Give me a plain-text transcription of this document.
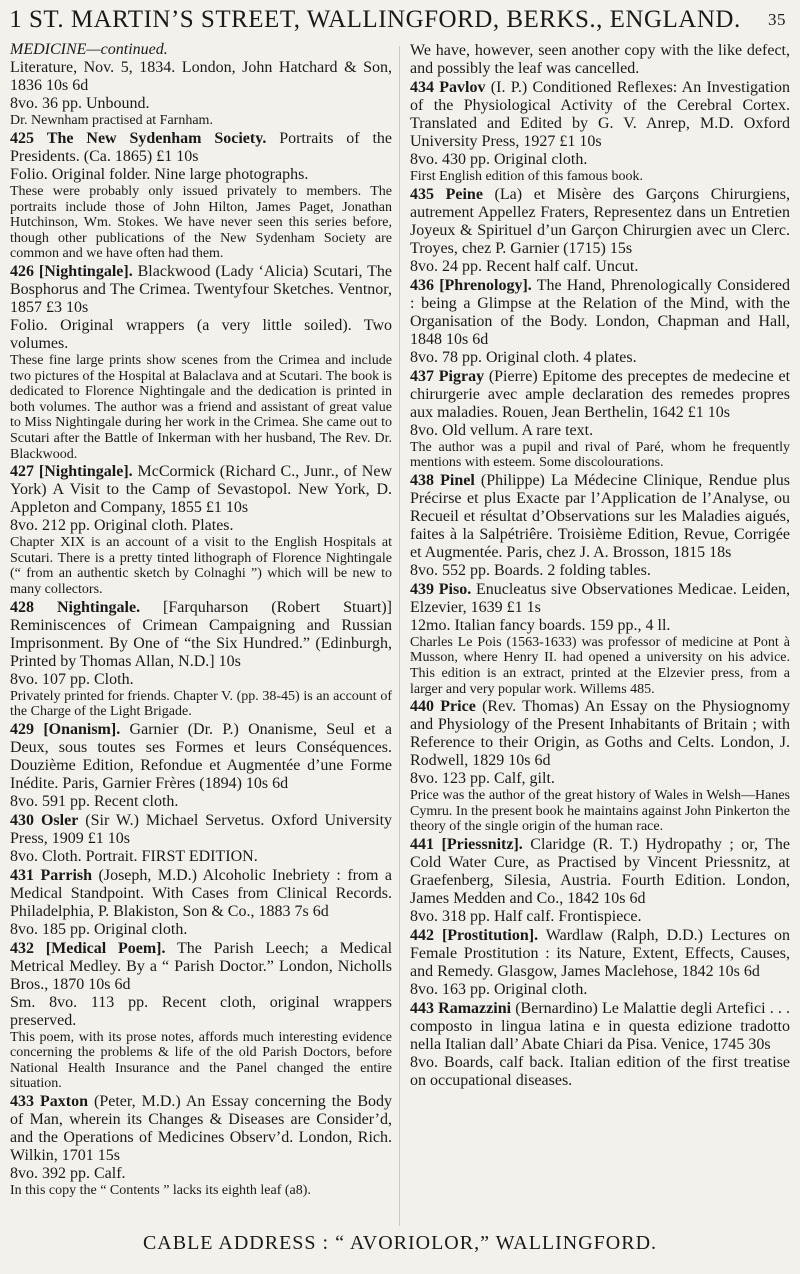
1 ST. MARTIN’S STREET, WALLINGFORD, BERKS., ENGLAND. 35
MEDICINE—continued.
Literature, Nov. 5, 1834. London, John Hatchard & Son, 1836 10s 6d
8vo. 36 pp. Unbound.
Dr. Newnham practised at Farnham.
425 The New Sydenham Society. Portraits of the Presidents. (Ca. 1865) £1 10s
Folio. Original folder. Nine large photographs.
These were probably only issued privately to members. The portraits include those of John Hilton, James Paget, Jonathan Hutchinson, Wm. Stokes. We have never seen this series before, though other publications of the New Sydenham Society are common and we have often had them.
426 [Nightingale]. Blackwood (Lady ‘Alicia) Scutari, The Bosphorus and The Crimea. Twentyfour Sketches. Ventnor, 1857 £3 10s
Folio. Original wrappers (a very little soiled). Two volumes.
These fine large prints show scenes from the Crimea and include two pictures of the Hospital at Balaclava and at Scutari. The book is dedicated to Florence Nightingale and the dedication is printed in both volumes. The author was a friend and assistant of great value to Miss Nightingale during her work in the Crimea. She came out to Scutari after the Battle of Inkerman with her husband, The Rev. Dr. Blackwood.
427 [Nightingale]. McCormick (Richard C., Junr., of New York) A Visit to the Camp of Sevastopol. New York, D. Appleton and Company, 1855 £1 10s
8vo. 212 pp. Original cloth. Plates.
Chapter XIX is an account of a visit to the English Hospitals at Scutari. There is a pretty tinted lithograph of Florence Nightingale (“ from an authentic sketch by Colnaghi ”) which will be new to many collectors.
428 Nightingale. [Farquharson (Robert Stuart)] Reminiscences of Crimean Campaigning and Russian Imprisonment. By One of “the Six Hundred.” (Edinburgh, Printed by Thomas Allan, N.D.] 10s
8vo. 107 pp. Cloth.
Privately printed for friends. Chapter V. (pp. 38-45) is an account of the Charge of the Light Brigade.
429 [Onanism]. Garnier (Dr. P.) Onanisme, Seul et a Deux, sous toutes ses Formes et leurs Conséquences. Douzième Edition, Refondue et Augmentée d’une Forme Inédite. Paris, Garnier Frères (1894) 10s 6d
8vo. 591 pp. Recent cloth.
430 Osler (Sir W.) Michael Servetus. Oxford University Press, 1909 £1 10s
8vo. Cloth. Portrait. FIRST EDITION.
431 Parrish (Joseph, M.D.) Alcoholic Inebriety : from a Medical Standpoint. With Cases from Clinical Records. Philadelphia, P. Blakiston, Son & Co., 1883 7s 6d
8vo. 185 pp. Original cloth.
432 [Medical Poem]. The Parish Leech; a Medical Metrical Medley. By a “ Parish Doctor.” London, Nicholls Bros., 1870 10s 6d
Sm. 8vo. 113 pp. Recent cloth, original wrappers preserved.
This poem, with its prose notes, affords much interesting evidence concerning the problems & life of the old Parish Doctors, before National Health Insurance and the Panel changed the entire situation.
433 Paxton (Peter, M.D.) An Essay concerning the Body of Man, wherein its Changes & Diseases are Consider’d, and the Operations of Medicines Observ’d. London, Rich. Wilkin, 1701 15s
8vo. 392 pp. Calf.
In this copy the “ Contents ” lacks its eighth leaf (a8).
We have, however, seen another copy with the like defect, and possibly the leaf was cancelled.
434 Pavlov (I. P.) Conditioned Reflexes: An Investigation of the Physiological Activity of the Cerebral Cortex. Translated and Edited by G. V. Anrep, M.D. Oxford University Press, 1927 £1 10s
8vo. 430 pp. Original cloth.
First English edition of this famous book.
435 Peine (La) et Misère des Garçons Chirurgiens, autrement Appellez Fraters, Representez dans un Entretien Joyeux & Spirituel d’un Garçon Chirurgien avec un Clerc. Troyes, chez P. Garnier (1715) 15s
8vo. 24 pp. Recent half calf. Uncut.
436 [Phrenology]. The Hand, Phrenologically Considered : being a Glimpse at the Relation of the Mind, with the Organisation of the Body. London, Chapman and Hall, 1848 10s 6d
8vo. 78 pp. Original cloth. 4 plates.
437 Pigray (Pierre) Epitome des preceptes de medecine et chirurgerie avec ample declaration des remedes propres aux maladies. Rouen, Jean Berthelin, 1642 £1 10s
8vo. Old vellum. A rare text.
The author was a pupil and rival of Paré, whom he frequently mentions with esteem. Some discolourations.
438 Pinel (Philippe) La Médecine Clinique, Rendue plus Précirse et plus Exacte par l’Application de l’Analyse, ou Recueil et résultat d’Observations sur les Maladies aigués, faites à la Salpétriêre. Troisième Edition, Revue, Corrigée et Augmentée. Paris, chez J. A. Brosson, 1815 18s
8vo. 552 pp. Boards. 2 folding tables.
439 Piso. Enucleatus sive Observationes Medicae. Leiden, Elzevier, 1639 £1 1s
12mo. Italian fancy boards. 159 pp., 4 ll.
Charles Le Pois (1563-1633) was professor of medicine at Pont à Musson, where Henry II. had opened a university on his advice. This edition is an extract, printed at the Elzevier press, from a larger and very popular work. Willems 485.
440 Price (Rev. Thomas) An Essay on the Physiognomy and Physiology of the Present Inhabitants of Britain ; with Reference to their Origin, as Goths and Celts. London, J. Rodwell, 1829 10s 6d
8vo. 123 pp. Calf, gilt.
Price was the author of the great history of Wales in Welsh—Hanes Cymru. In the present book he maintains against John Pinkerton the theory of the single origin of the human race.
441 [Priessnitz]. Claridge (R. T.) Hydropathy ; or, The Cold Water Cure, as Practised by Vincent Priessnitz, at Graefenberg, Silesia, Austria. Fourth Edition. London, James Medden and Co., 1842 10s 6d
8vo. 318 pp. Half calf. Frontispiece.
442 [Prostitution]. Wardlaw (Ralph, D.D.) Lectures on Female Prostitution : its Nature, Extent, Effects, Causes, and Remedy. Glasgow, James Maclehose, 1842 10s 6d
8vo. 163 pp. Original cloth.
443 Ramazzini (Bernardino) Le Malattie degli Artefici . . . composto in lingua latina e in questa edizione tradotto nella Italian dall’ Abate Chiari da Pisa. Venice, 1745 30s
8vo. Boards, calf back. Italian edition of the first treatise on occupational diseases.
CABLE ADDRESS : “ AVORIOLOR,” WALLINGFORD.
